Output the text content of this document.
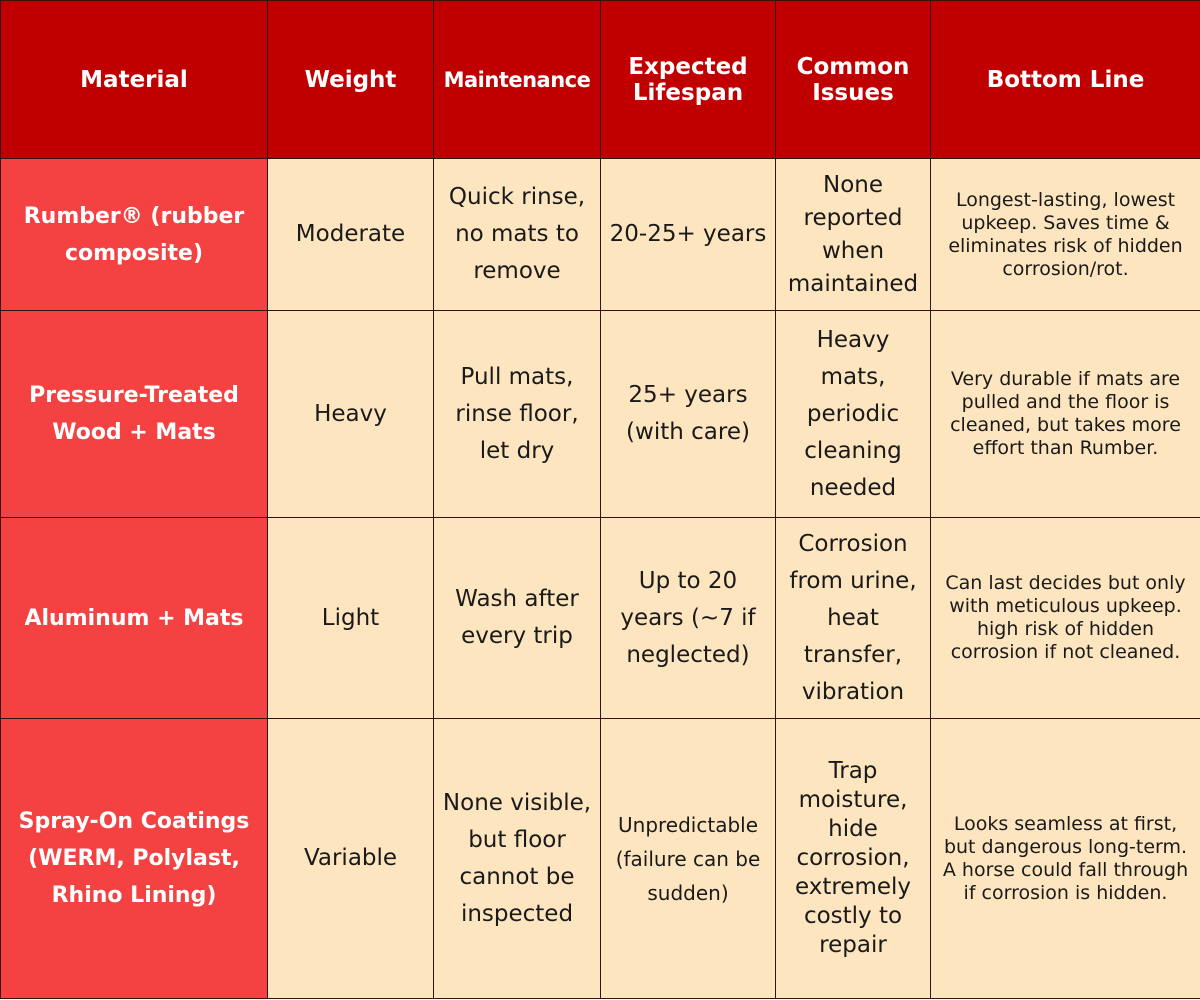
Material	Weight	Maintenance	Expected Lifespan	Common Issues	Bottom Line
Rumber® (rubber composite)	Moderate	Quick rinse, no mats to remove	20-25+ years	None reported when maintained	Longest-lasting, lowest upkeep. Saves time & eliminates risk of hidden corrosion/rot.
Pressure-Treated Wood + Mats	Heavy	Pull mats, rinse floor, let dry	25+ years (with care)	Heavy mats, periodic cleaning needed	Very durable if mats are pulled and the floor is cleaned, but takes more effort than Rumber.
Aluminum + Mats	Light	Wash after every trip	Up to 20 years (~7 if neglected)	Corrosion from urine, heat transfer, vibration	Can last decides but only with meticulous upkeep. high risk of hidden corrosion if not cleaned.
Spray-On Coatings (WERM, Polylast, Rhino Lining)	Variable	None visible, but floor cannot be inspected	Unpredictable (failure can be sudden)	Trap moisture, hide corrosion, extremely costly to repair	Looks seamless at first, but dangerous long-term. A horse could fall through if corrosion is hidden.
